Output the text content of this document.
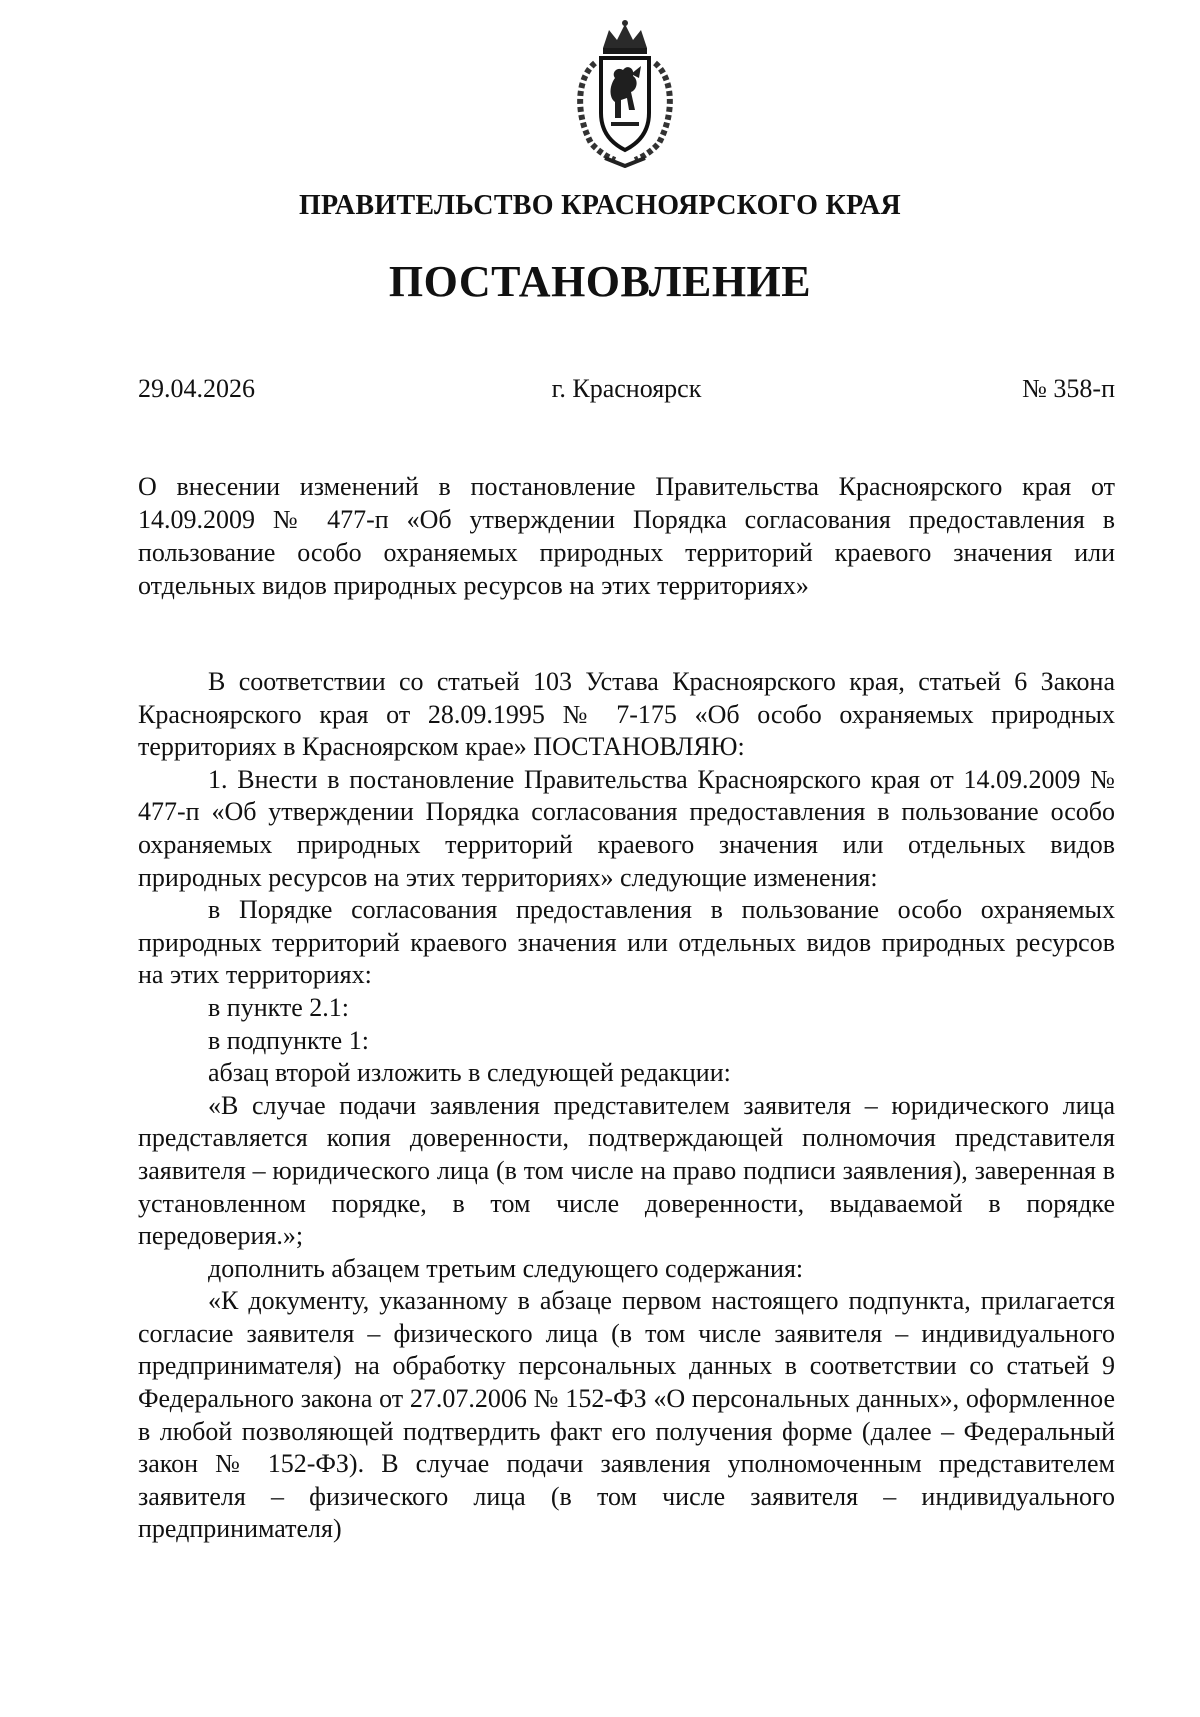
ПРАВИТЕЛЬСТВО КРАСНОЯРСКОГО КРАЯ
ПОСТАНОВЛЕНИЕ
г. Красноярск
29.04.2026	№ 358-п
О внесении изменений в постановление Правительства Красноярского края от 14.09.2009 № 477-п «Об утверждении Порядка согласования предоставления в пользование особо охраняемых природных территорий краевого значения или отдельных видов природных ресурсов на этих территориях»

В соответствии со статьей 103 Устава Красноярского края, статьей 6 Закона Красноярского края от 28.09.1995 № 7-175 «Об особо охраняемых природных территориях в Красноярском крае» ПОСТАНОВЛЯЮ:

1. Внести в постановление Правительства Красноярского края от 14.09.2009 № 477-п «Об утверждении Порядка согласования предоставления в пользование особо охраняемых природных территорий краевого значения или отдельных видов природных ресурсов на этих территориях» следующие изменения:

в Порядке согласования предоставления в пользование особо охраняемых природных территорий краевого значения или отдельных видов природных ресурсов на этих территориях:

в пункте 2.1:

в подпункте 1:

абзац второй изложить в следующей редакции:

«В случае подачи заявления представителем заявителя – юридического лица представляется копия доверенности, подтверждающей полномочия представителя заявителя – юридического лица (в том числе на право подписи заявления), заверенная в установленном порядке, в том числе доверенности, выдаваемой в порядке передоверия.»;

дополнить абзацем третьим следующего содержания:

«К документу, указанному в абзаце первом настоящего подпункта, прилагается согласие заявителя – физического лица (в том числе заявителя – индивидуального предпринимателя) на обработку персональных данных в соответствии со статьей 9 Федерального закона от 27.07.2006 № 152-ФЗ «О персональных данных», оформленное в любой позволяющей подтвердить факт его получения форме (далее – Федеральный закон № 152-ФЗ). В случае подачи заявления уполномоченным представителем заявителя – физического лица (в том числе заявителя – индивидуального предпринимателя)
